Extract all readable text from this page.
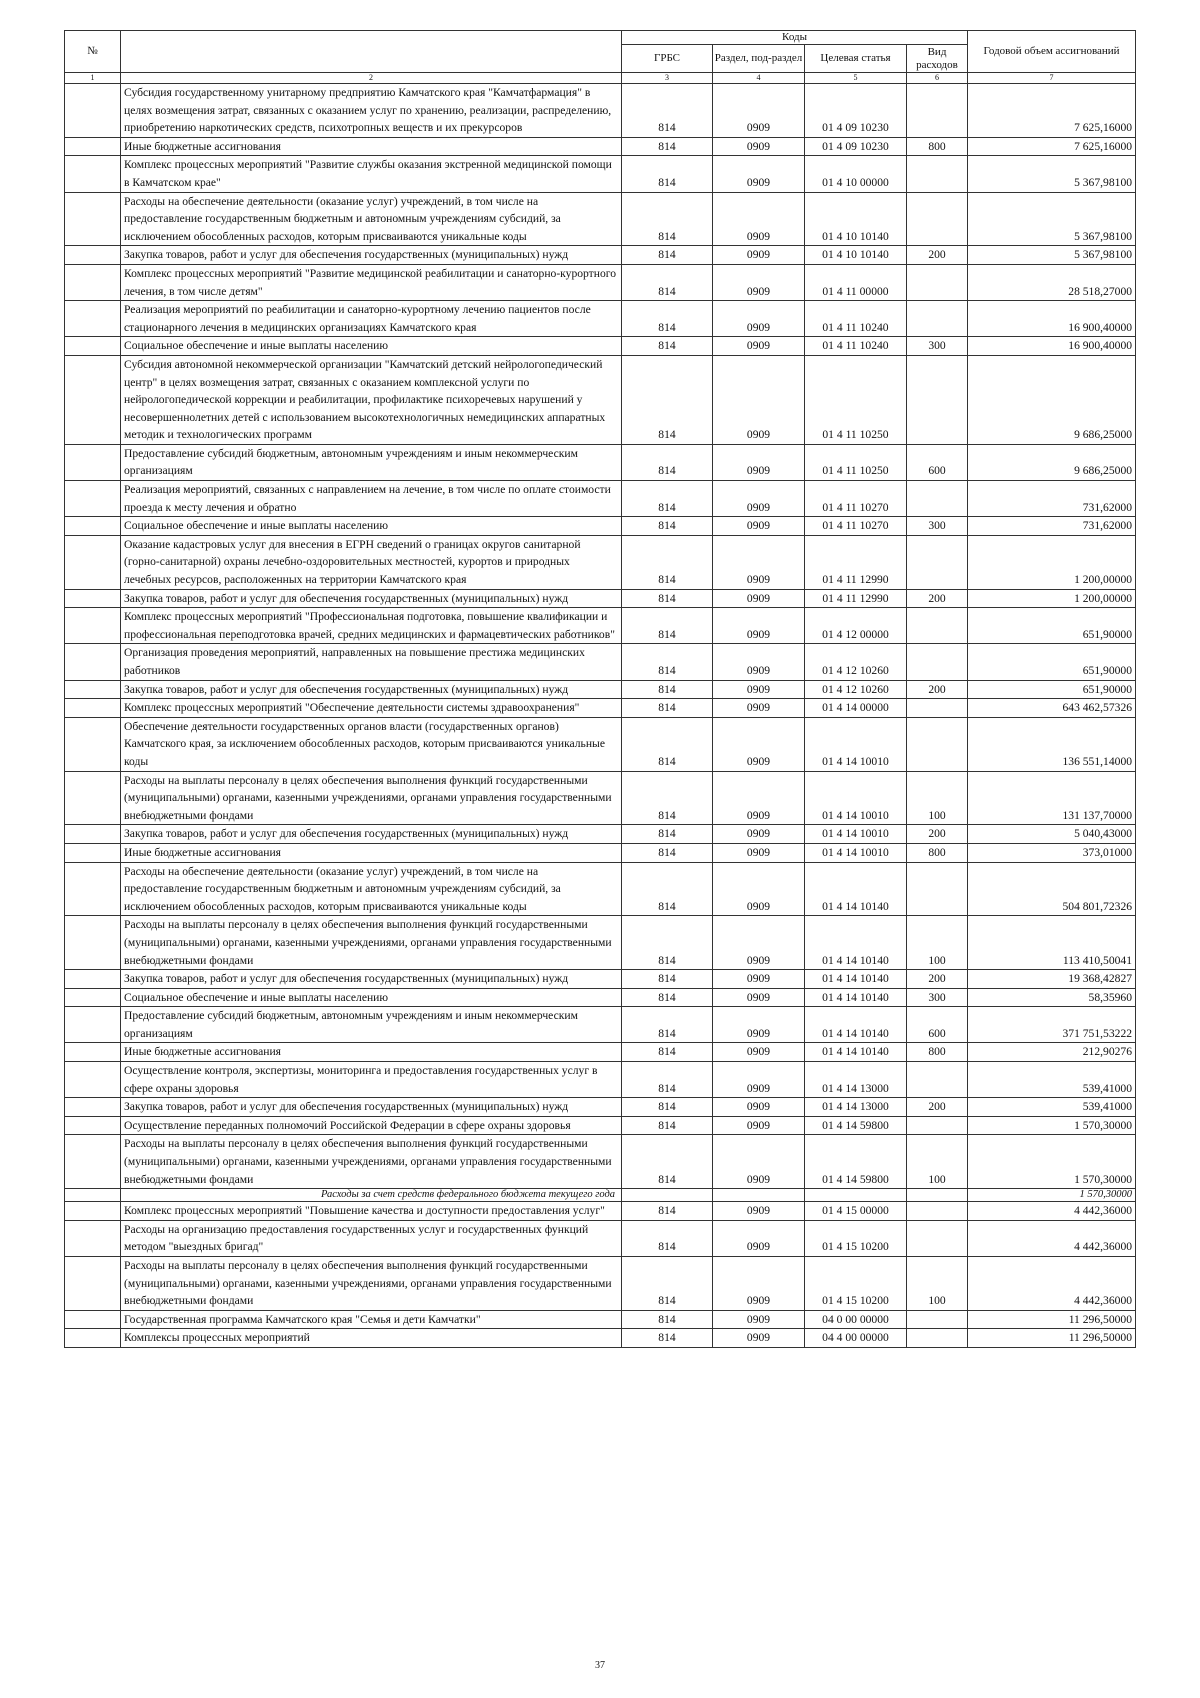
№		Коды				Годовой объем ассигнований
		ГРБС	Раздел, под-раздел	Целевая статья	Вид расходов	
1	2	3	4	5	6	7
	Субсидия государственному унитарному предприятию Камчатского края "Камчатфармация" в целях возмещения затрат, связанных с оказанием услуг по хранению, реализации, распределению, приобретению наркотических средств, психотропных веществ и их прекурсоров	814	0909	01 4 09 10230		7 625,16000
	Иные бюджетные ассигнования	814	0909	01 4 09 10230	800	7 625,16000
	Комплекс процессных мероприятий "Развитие службы оказания экстренной медицинской помощи в Камчатском крае"	814	0909	01 4 10 00000		5 367,98100
	Расходы на обеспечение деятельности (оказание услуг) учреждений, в том числе на предоставление государственным бюджетным и автономным учреждениям субсидий, за исключением обособленных расходов, которым присваиваются уникальные коды	814	0909	01 4 10 10140		5 367,98100
	Закупка товаров, работ и услуг для обеспечения государственных (муниципальных) нужд	814	0909	01 4 10 10140	200	5 367,98100
	Комплекс процессных мероприятий "Развитие медицинской реабилитации и санаторно-курортного лечения, в том числе детям"	814	0909	01 4 11 00000		28 518,27000
	Реализация мероприятий по реабилитации и санаторно-курортному лечению пациентов после стационарного лечения в медицинских организациях Камчатского края	814	0909	01 4 11 10240		16 900,40000
	Социальное обеспечение и иные выплаты населению	814	0909	01 4 11 10240	300	16 900,40000
	Субсидия автономной некоммерческой организации "Камчатский детский нейрологопедический центр" в целях возмещения затрат, связанных с оказанием комплексной услуги по нейрологопедической коррекции и реабилитации, профилактике психоречевых нарушений у несовершеннолетних детей с использованием высокотехнологичных немедицинских аппаратных методик и технологических программ	814	0909	01 4 11 10250		9 686,25000
	Предоставление субсидий бюджетным, автономным учреждениям и иным некоммерческим организациям	814	0909	01 4 11 10250	600	9 686,25000
	Реализация мероприятий, связанных с направлением на лечение, в том числе по оплате стоимости проезда к месту лечения и обратно	814	0909	01 4 11 10270		731,62000
	Социальное обеспечение и иные выплаты населению	814	0909	01 4 11 10270	300	731,62000
	Оказание кадастровых услуг для внесения в ЕГРН сведений о границах округов санитарной (горно-санитарной) охраны лечебно-оздоровительных местностей, курортов и природных лечебных ресурсов, расположенных на территории Камчатского края	814	0909	01 4 11 12990		1 200,00000
	Закупка товаров, работ и услуг для обеспечения государственных (муниципальных) нужд	814	0909	01 4 11 12990	200	1 200,00000
	Комплекс процессных мероприятий "Профессиональная подготовка, повышение квалификации и профессиональная переподготовка врачей, средних медицинских и фармацевтических работников"	814	0909	01 4 12 00000		651,90000
	Организация проведения мероприятий, направленных на повышение престижа медицинских работников	814	0909	01 4 12 10260		651,90000
	Закупка товаров, работ и услуг для обеспечения государственных (муниципальных) нужд	814	0909	01 4 12 10260	200	651,90000
	Комплекс процессных мероприятий "Обеспечение деятельности системы здравоохранения"	814	0909	01 4 14 00000		643 462,57326
	Обеспечение деятельности государственных органов власти (государственных органов) Камчатского края, за исключением обособленных расходов, которым присваиваются уникальные коды	814	0909	01 4 14 10010		136 551,14000
	Расходы на выплаты персоналу в целях обеспечения выполнения функций государственными (муниципальными) органами, казенными учреждениями, органами управления государственными внебюджетными фондами	814	0909	01 4 14 10010	100	131 137,70000
	Закупка товаров, работ и услуг для обеспечения государственных (муниципальных) нужд	814	0909	01 4 14 10010	200	5 040,43000
	Иные бюджетные ассигнования	814	0909	01 4 14 10010	800	373,01000
	Расходы на обеспечение деятельности (оказание услуг) учреждений, в том числе на предоставление государственным бюджетным и автономным учреждениям субсидий, за исключением обособленных расходов, которым присваиваются уникальные коды	814	0909	01 4 14 10140		504 801,72326
	Расходы на выплаты персоналу в целях обеспечения выполнения функций государственными (муниципальными) органами, казенными учреждениями, органами управления государственными внебюджетными фондами	814	0909	01 4 14 10140	100	113 410,50041
	Закупка товаров, работ и услуг для обеспечения государственных (муниципальных) нужд	814	0909	01 4 14 10140	200	19 368,42827
	Социальное обеспечение и иные выплаты населению	814	0909	01 4 14 10140	300	58,35960
	Предоставление субсидий бюджетным, автономным учреждениям и иным некоммерческим организациям	814	0909	01 4 14 10140	600	371 751,53222
	Иные бюджетные ассигнования	814	0909	01 4 14 10140	800	212,90276
	Осуществление контроля, экспертизы, мониторинга и предоставления государственных услуг в сфере охраны здоровья	814	0909	01 4 14 13000		539,41000
	Закупка товаров, работ и услуг для обеспечения государственных (муниципальных) нужд	814	0909	01 4 14 13000	200	539,41000
	Осуществление переданных полномочий Российской Федерации в сфере охраны здоровья	814	0909	01 4 14 59800		1 570,30000
	Расходы на выплаты персоналу в целях обеспечения выполнения функций государственными (муниципальными) органами, казенными учреждениями, органами управления государственными внебюджетными фондами	814	0909	01 4 14 59800	100	1 570,30000
	Расходы за счет средств федерального бюджета текущего года					1 570,30000
	Комплекс процессных мероприятий "Повышение качества и доступности предоставления услуг"	814	0909	01 4 15 00000		4 442,36000
	Расходы на организацию предоставления государственных услуг и государственных функций методом "выездных бригад"	814	0909	01 4 15 10200		4 442,36000
	Расходы на выплаты персоналу в целях обеспечения выполнения функций государственными (муниципальными) органами, казенными учреждениями, органами управления государственными внебюджетными фондами	814	0909	01 4 15 10200	100	4 442,36000
	Государственная программа Камчатского края "Семья и дети Камчатки"	814	0909	04 0 00 00000		11 296,50000
	Комплексы процессных мероприятий	814	0909	04 4 00 00000		11 296,50000
37
